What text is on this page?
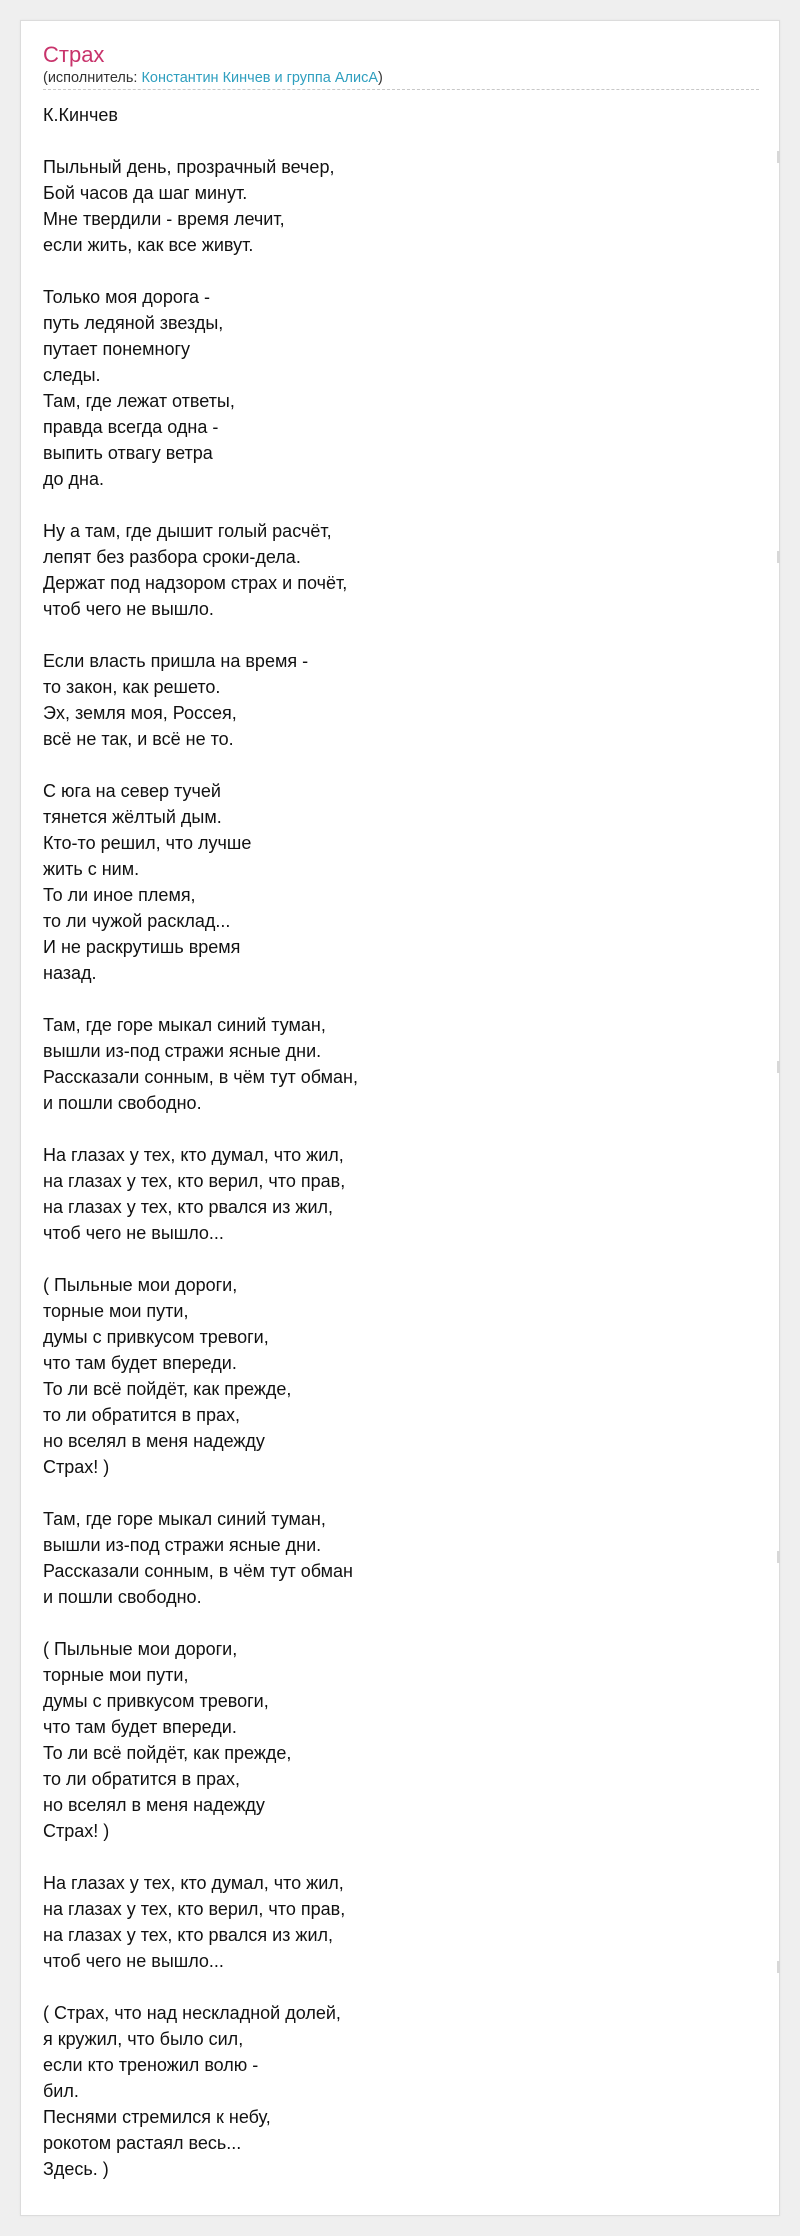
Страх
(исполнитель: Константин Кинчев и группа АлисА)
К.Кинчев

Пыльный день, прозрачный вечер,
Бой часов да шаг минут.
Мне твердили - время лечит,
если жить, как все живут.

Только моя дорога -
путь ледяной звезды,
путает понемногу
следы.
Там, где лежат ответы,
правда всегда одна -
выпить отвагу ветра
до дна.

Ну а там, где дышит голый расчёт,
лепят без разбора сроки-дела.
Держат под надзором страх и почёт,
чтоб чего не вышло.

Если власть пришла на время -
то закон, как решето.
Эх, земля моя, Россея,
всё не так, и всё не то.

С юга на север тучей
тянется жёлтый дым.
Кто-то решил, что лучше
жить с ним.
То ли иное племя,
то ли чужой расклад...
И не раскрутишь время
назад.

Там, где горе мыкал синий туман,
вышли из-под стражи ясные дни.
Рассказали сонным, в чём тут обман,
и пошли свободно.

На глазах у тех, кто думал, что жил,
на глазах у тех, кто верил, что прав,
на глазах у тех, кто рвался из жил,
чтоб чего не вышло...

( Пыльные мои дороги,
торные мои пути,
думы с привкусом тревоги,
что там будет впереди.
То ли всё пойдёт, как прежде,
то ли обратится в прах,
но вселял в меня надежду
Страх! )

Там, где горе мыкал синий туман,
вышли из-под стражи ясные дни.
Рассказали сонным, в чём тут обман
и пошли свободно.

( Пыльные мои дороги,
торные мои пути,
думы с привкусом тревоги,
что там будет впереди.
То ли всё пойдёт, как прежде,
то ли обратится в прах,
но вселял в меня надежду
Страх! )

На глазах у тех, кто думал, что жил,
на глазах у тех, кто верил, что прав,
на глазах у тех, кто рвался из жил,
чтоб чего не вышло...

( Страх, что над нескладной долей,
я кружил, что было сил,
если кто треножил волю -
бил.
Песнями стремился к небу,
рокотом растаял весь...
Здесь. )
